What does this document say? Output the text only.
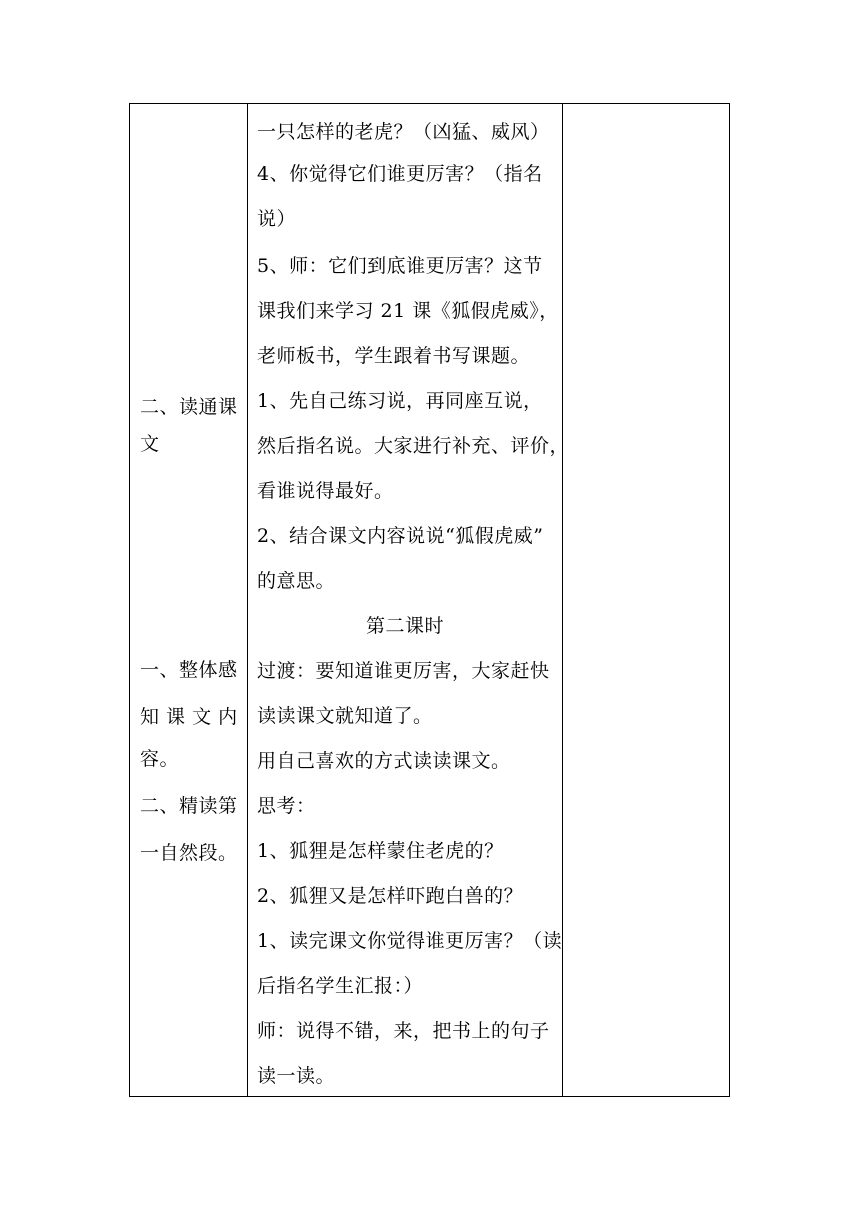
二、读通课
文
一、整体感
知 课 文 内
容。
二、精读第
一自然段。

一只怎样的老虎？（凶猛、威风）
4、你觉得它们谁更厉害？（指名
说）
5、师：它们到底谁更厉害？这节
课我们来学习 21 课《狐假虎威》，
老师板书，学生跟着书写课题。
1、先自己练习说，再同座互说，
然后指名说。大家进行补充、评价，
看谁说得最好。
2、结合课文内容说说“狐假虎威”
的意思。
第二课时
过渡：要知道谁更厉害，大家赶快
读读课文就知道了。
用自己喜欢的方式读读课文。
思考：
1、狐狸是怎样蒙住老虎的？
2、狐狸又是怎样吓跑白兽的？
1、读完课文你觉得谁更厉害？（读
后指名学生汇报：）
师：说得不错，来，把书上的句子
读一读。
